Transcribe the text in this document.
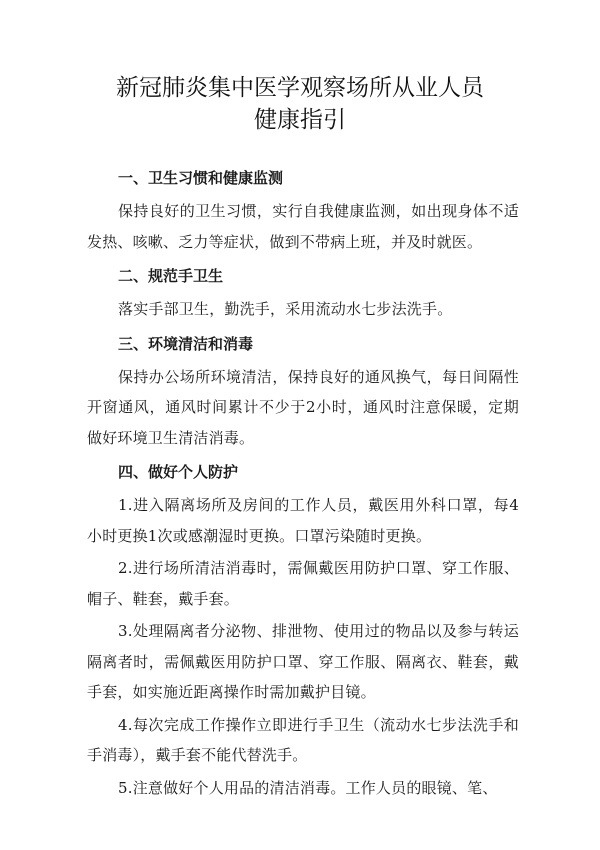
新冠肺炎集中医学观察场所从业人员
健康指引
一、卫生习惯和健康监测

保持良好的卫生习惯，实行自我健康监测，如出现身体不适发热、咳嗽、乏力等症状，做到不带病上班，并及时就医。

二、规范手卫生

落实手部卫生，勤洗手，采用流动水七步法洗手。

三、环境清洁和消毒

保持办公场所环境清洁，保持良好的通风换气，每日间隔性开窗通风，通风时间累计不少于2小时，通风时注意保暖，定期做好环境卫生清洁消毒。

四、做好个人防护

1.进入隔离场所及房间的工作人员，戴医用外科口罩，每4小时更换1次或感潮湿时更换。口罩污染随时更换。

2.进行场所清洁消毒时，需佩戴医用防护口罩、穿工作服、帽子、鞋套，戴手套。

3.处理隔离者分泌物、排泄物、使用过的物品以及参与转运隔离者时，需佩戴医用防护口罩、穿工作服、隔离衣、鞋套，戴手套，如实施近距离操作时需加戴护目镜。

4.每次完成工作操作立即进行手卫生（流动水七步法洗手和手消毒），戴手套不能代替洗手。

5.注意做好个人用品的清洁消毒。工作人员的眼镜、笔、
